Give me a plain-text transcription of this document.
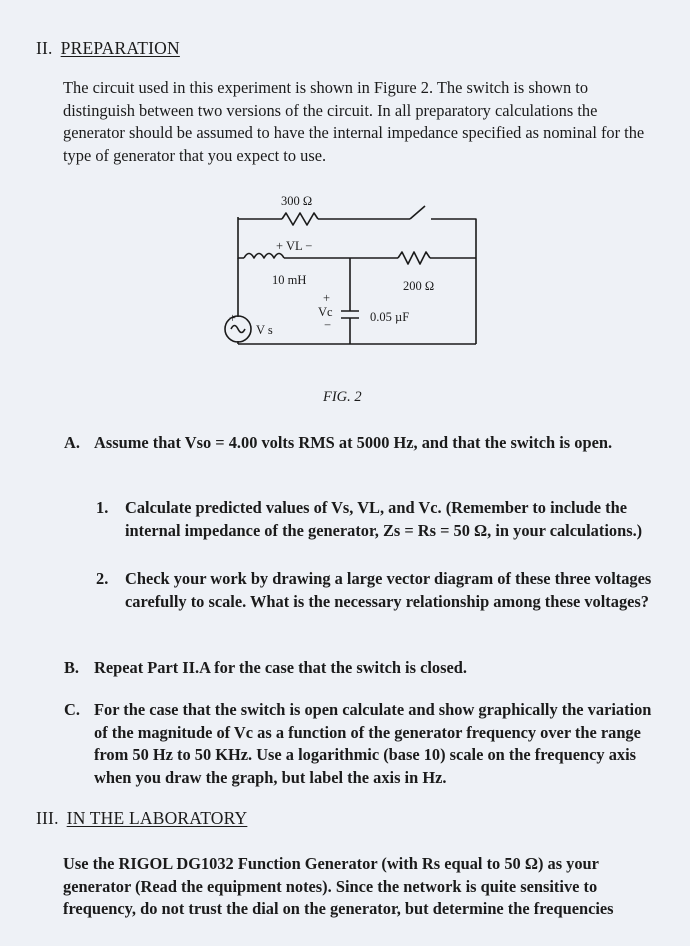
II. PREPARATION
The circuit used in this experiment is shown in Figure 2. The switch is shown to distinguish between two versions of the circuit. In all preparatory calculations the generator should be assumed to have the internal impedance specified as nominal for the type of generator that you expect to use.
300 Ω
+ VL −
10 mH	200 Ω
+
Vc
−
0.05 µF
V s
+
FIG. 2
A. Assume that Vso = 4.00 volts RMS at 5000 Hz, and that the switch is open.
1. Calculate predicted values of Vs, VL, and Vc. (Remember to include the internal impedance of the generator, Zs = Rs = 50 Ω, in your calculations.)
2. Check your work by drawing a large vector diagram of these three voltages carefully to scale. What is the necessary relationship among these voltages?
B. Repeat Part II.A for the case that the switch is closed.
C. For the case that the switch is open calculate and show graphically the variation of the magnitude of Vc as a function of the generator frequency over the range from 50 Hz to 50 KHz. Use a logarithmic (base 10) scale on the frequency axis when you draw the graph, but label the axis in Hz.
III. IN THE LABORATORY
Use the RIGOL DG1032 Function Generator (with Rs equal to 50 Ω) as your generator (Read the equipment notes). Since the network is quite sensitive to frequency, do not trust the dial on the generator, but determine the frequencies
